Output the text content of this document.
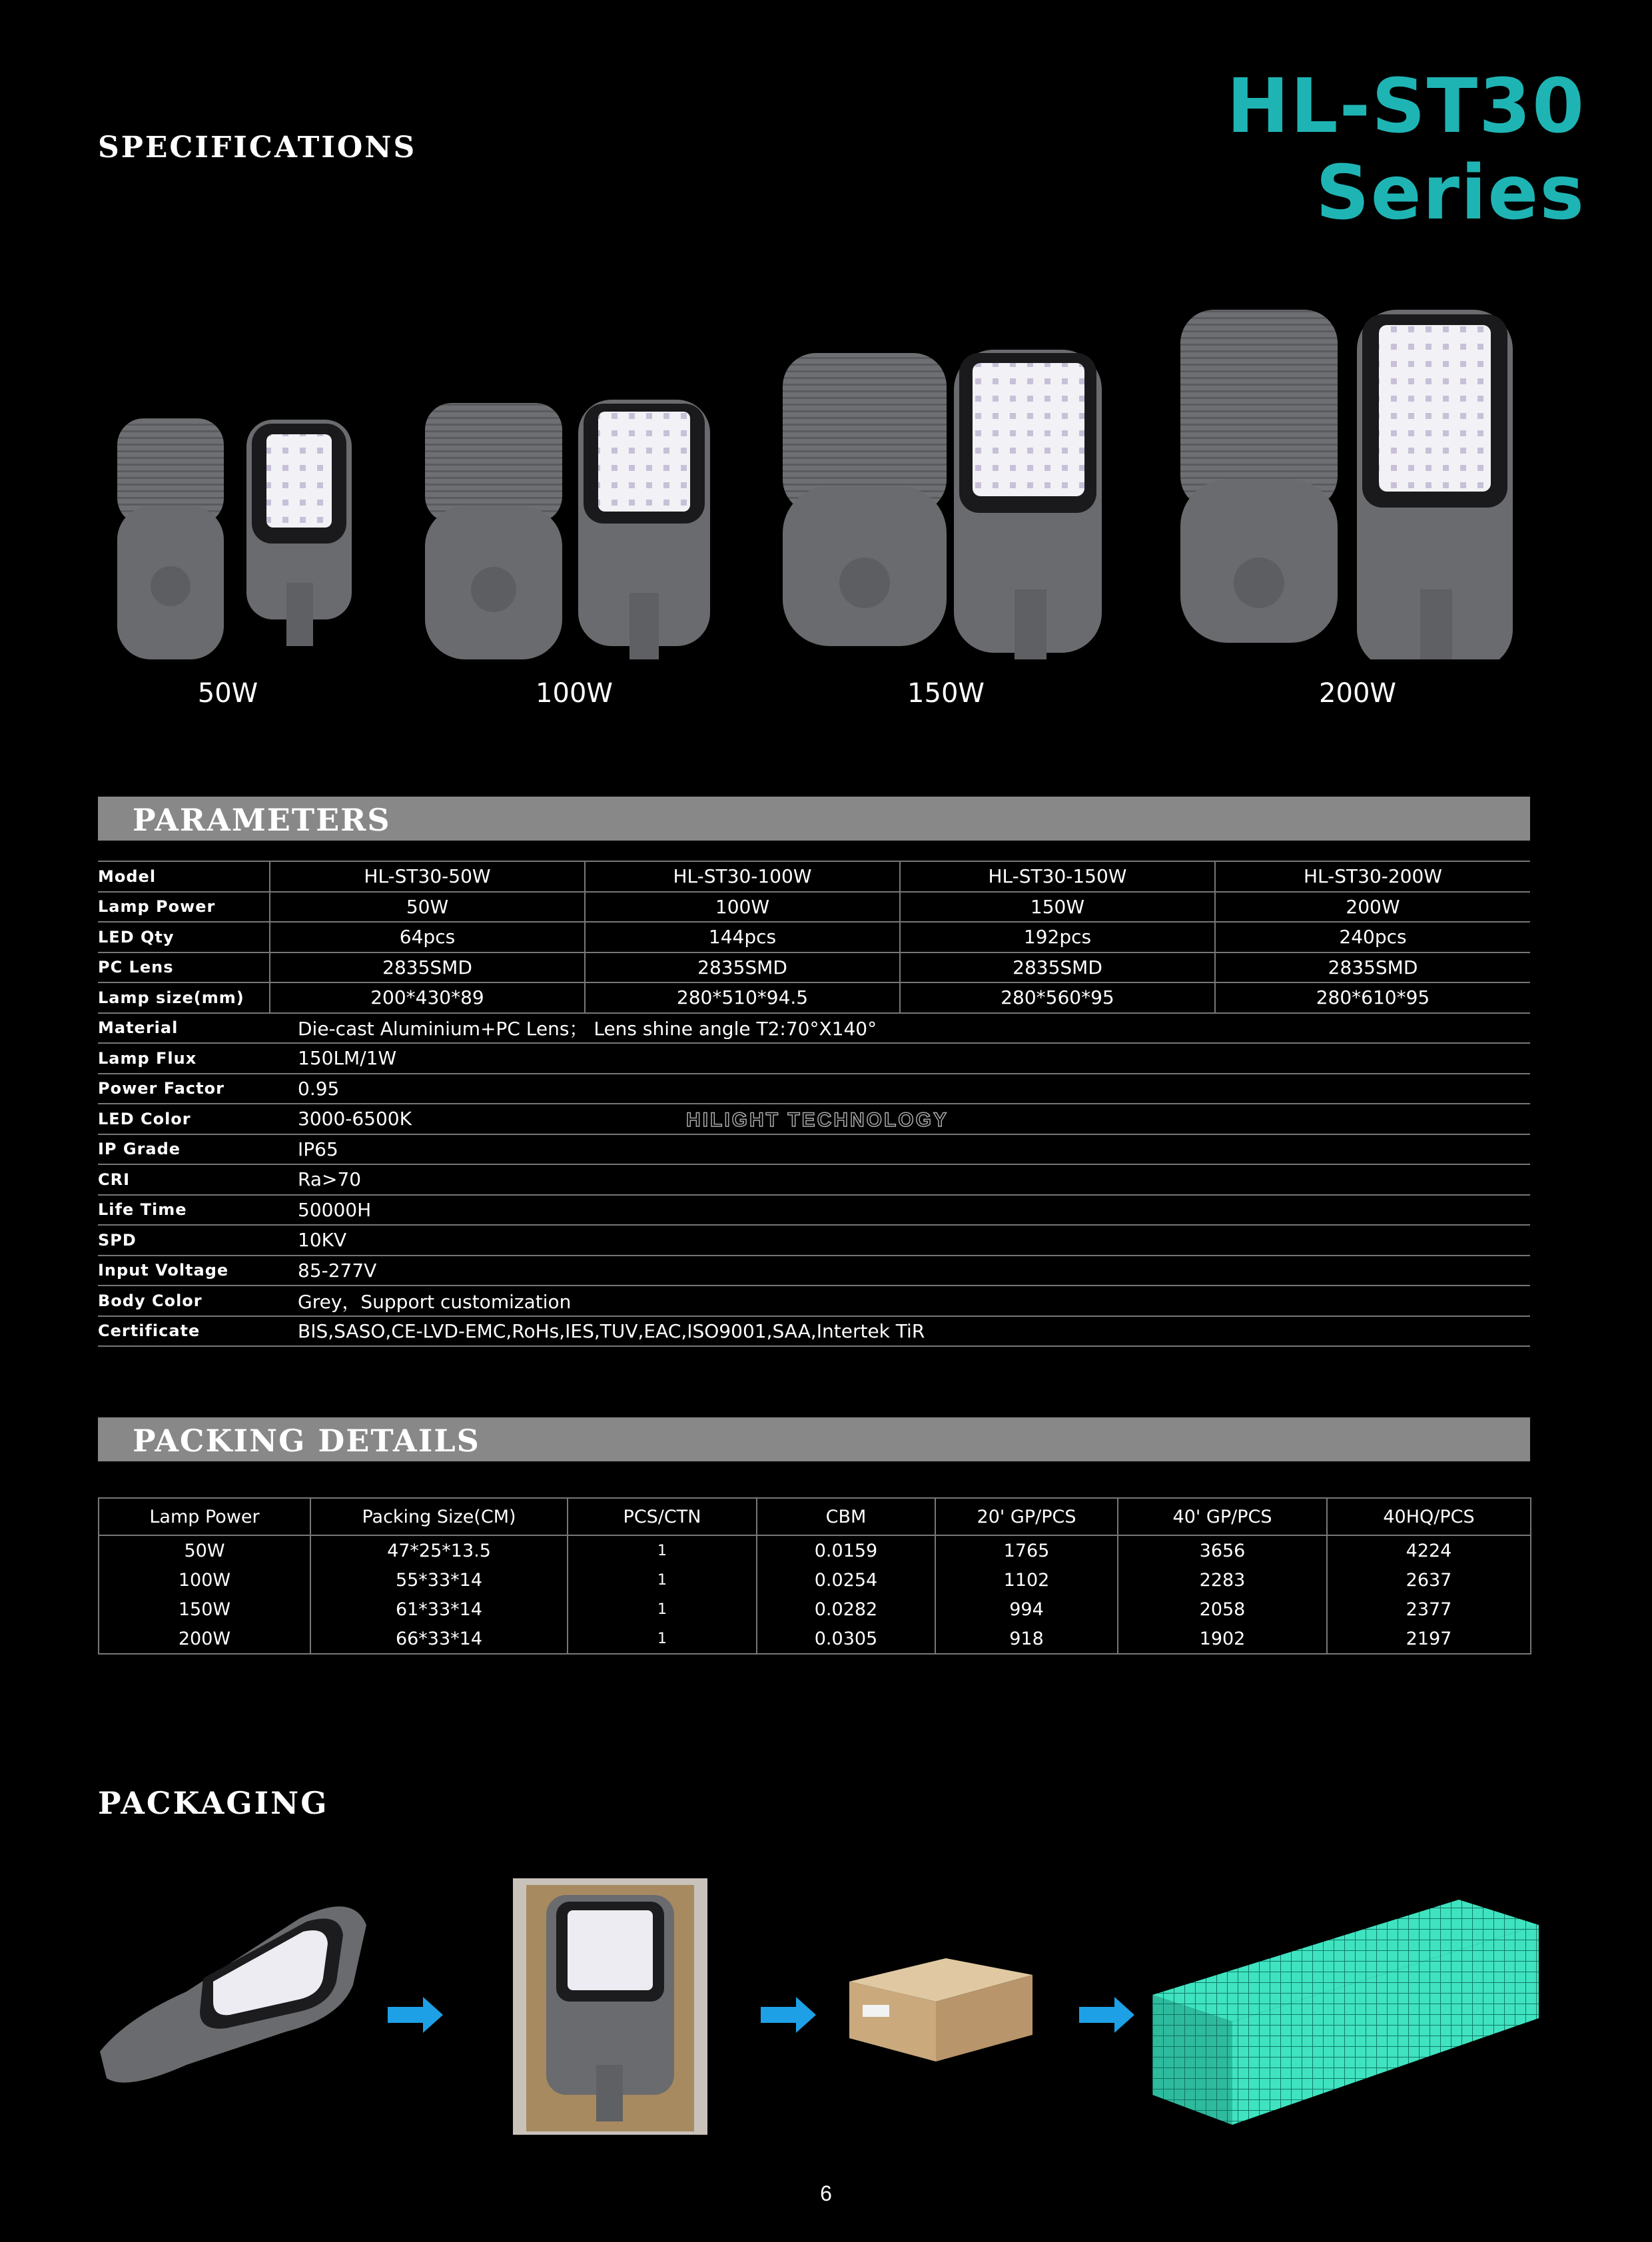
SPECIFICATIONS	HL-ST30 Series
50W	100W	150W	200W
PARAMETERS
Model	HL-ST30-50W	HL-ST30-100W	HL-ST30-150W	HL-ST30-200W
Lamp Power	50W	100W	150W	200W
LED Qty	64pcs	144pcs	192pcs	240pcs
PC Lens	2835SMD	2835SMD	2835SMD	2835SMD
Lamp size(mm)	200*430*89	280*510*94.5	280*560*95	280*610*95
Material	Die-cast Aluminium+PC Lens； Lens shine angle T2:70°X140°			
Lamp Flux	150LM/1W			
Power Factor	0.95			
LED Color	3000-6500K			
IP Grade	IP65			
CRI	Ra>70			
Life Time	50000H			
SPD	10KV			
Input Voltage	85-277V			
Body Color	Grey，Support customization			
Certificate	BIS,SASO,CE-LVD-EMC,RoHs,IES,TUV,EAC,ISO9001,SAA,Intertek TiR			
HILIGHT TECHNOLOGY
PACKING DETAILS
Lamp Power	Packing Size(CM)	PCS/CTN	CBM	20' GP/PCS	40' GP/PCS	40HQ/PCS
50W	47*25*13.5	1	0.0159	1765	3656	4224
100W	55*33*14	1	0.0254	1102	2283	2637
150W	61*33*14	1	0.0282	994	2058	2377
200W	66*33*14	1	0.0305	918	1902	2197
PACKAGING
6
